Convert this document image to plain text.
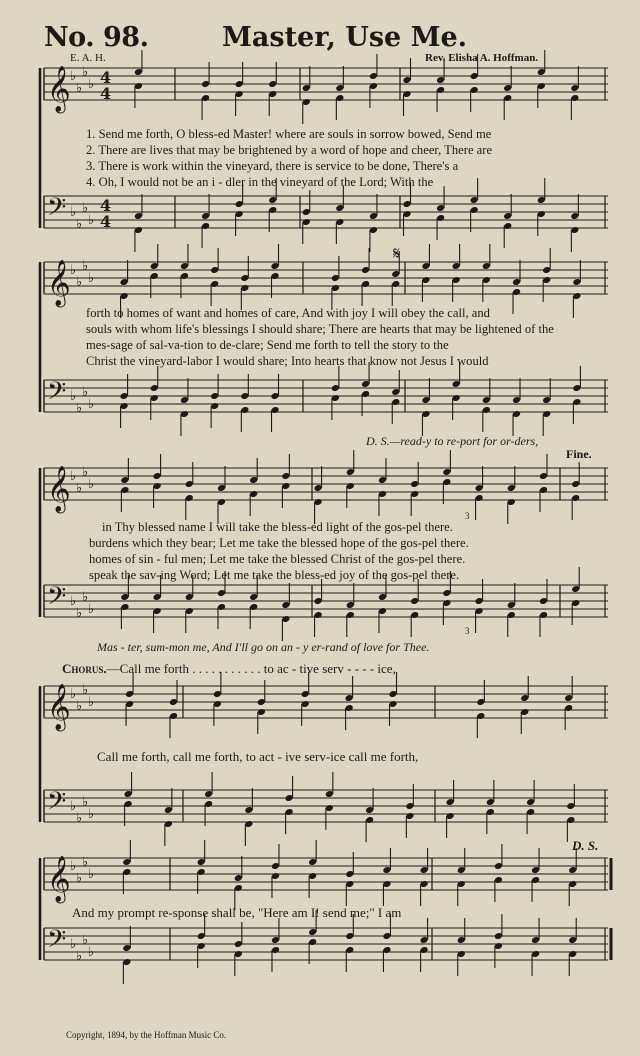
𝄞 ♭
♭
♭
♭ 4
4
𝄢 ♭
♭
♭
♭
4
4
𝄞 ♭
♭
♭
♭
𝄢 ♭
♭
♭
♭
𝄞 ♭
♭
♭
♭
𝄢 ♭
♭
♭
♭
𝄞 ♭
♭
♭
♭
𝄢 ♭
♭
♭
♭
𝄞 ♭
♭
♭
♭
𝄢 ♭
♭
♭
♭
No. 98.	Master, Use Me.
E. A. H.	Rev. Elisha A. Hoffman.
1. Send me forth, O bless-ed Master! where are souls in sorrow bowed, Send me
2. There are lives that may be brightened by a word of hope and cheer, There are
3. There is work within the vineyard, there is service to be done, There's a
4. Oh, I would not be an i - dler in the vineyard of the Lord; With the
𝄋
forth to homes of want and homes of care, And with joy I will obey the call, and
souls with whom life's blessings I should share; There are hearts that may be lightened of the
mes-sage of sal-va-tion to de-clare; Send me forth to tell the story to the
Christ the vineyard-labor I would share; Into hearts that know not Jesus I would
D. S.—read-y to re-port for or-ders,
Fine.
in Thy blessed name I will take the bless-ed light of the gos-pel there.
burdens which they bear; Let me take the blessed hope of the gos-pel there.
homes of sin - ful men; Let me take the blessed Christ of the gos-pel there.
speak the sav-ing Word; Let me take the bless-ed joy of the gos-pel there.
Mas - ter, sum-mon me, And I'll go on an - y er-rand of love for Thee.
3
3
Chorus.—Call me forth . . . . . . . . . . . to ac - tive serv - - - - ice,
Call me forth, call me forth, to act - ive serv-ice call me forth,
D. S.
And my prompt re-sponse shall be, "Here am I! send me;" I am
Copyright, 1894, by the Hoffman Music Co.
